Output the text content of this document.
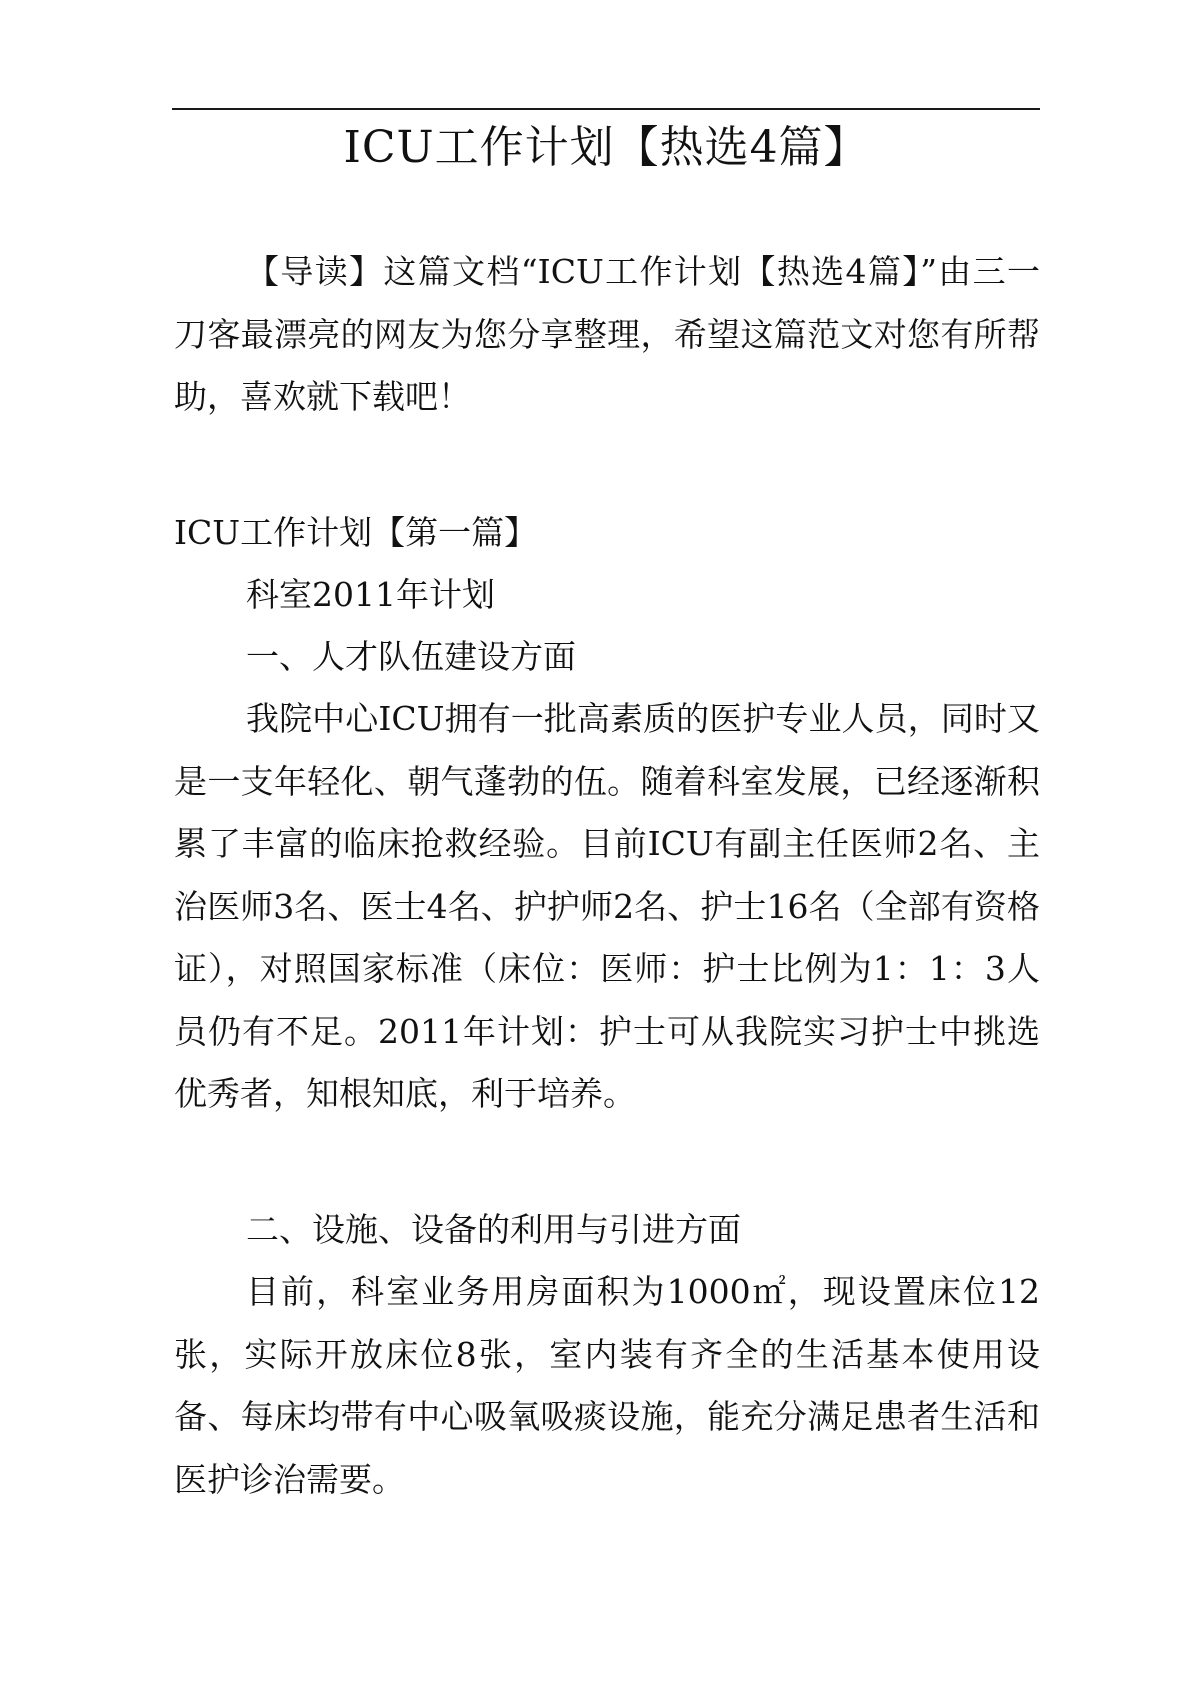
ICU工作计划【热选4篇】

【导读】这篇文档“ICU工作计划【热选4篇】”由三一刀客最漂亮的网友为您分享整理，希望这篇范文对您有所帮助，喜欢就下载吧！

ICU工作计划【第一篇】

科室2011年计划

一、人才队伍建设方面

我院中心ICU拥有一批高素质的医护专业人员，同时又是一支年轻化、朝气蓬勃的伍。随着科室发展，已经逐渐积累了丰富的临床抢救经验。目前ICU有副主任医师2名、主治医师3名、医士4名、护护师2名、护士16名（全部有资格证），对照国家标准（床位：医师：护士比例为1：1：3人员仍有不足。2011年计划：护士可从我院实习护士中挑选优秀者，知根知底，利于培养。

二、设施、设备的利用与引进方面

目前，科室业务用房面积为1000㎡，现设置床位12张，实际开放床位8张，室内装有齐全的生活基本使用设备、每床均带有中心吸氧吸痰设施，能充分满足患者生活和医护诊治需要。
